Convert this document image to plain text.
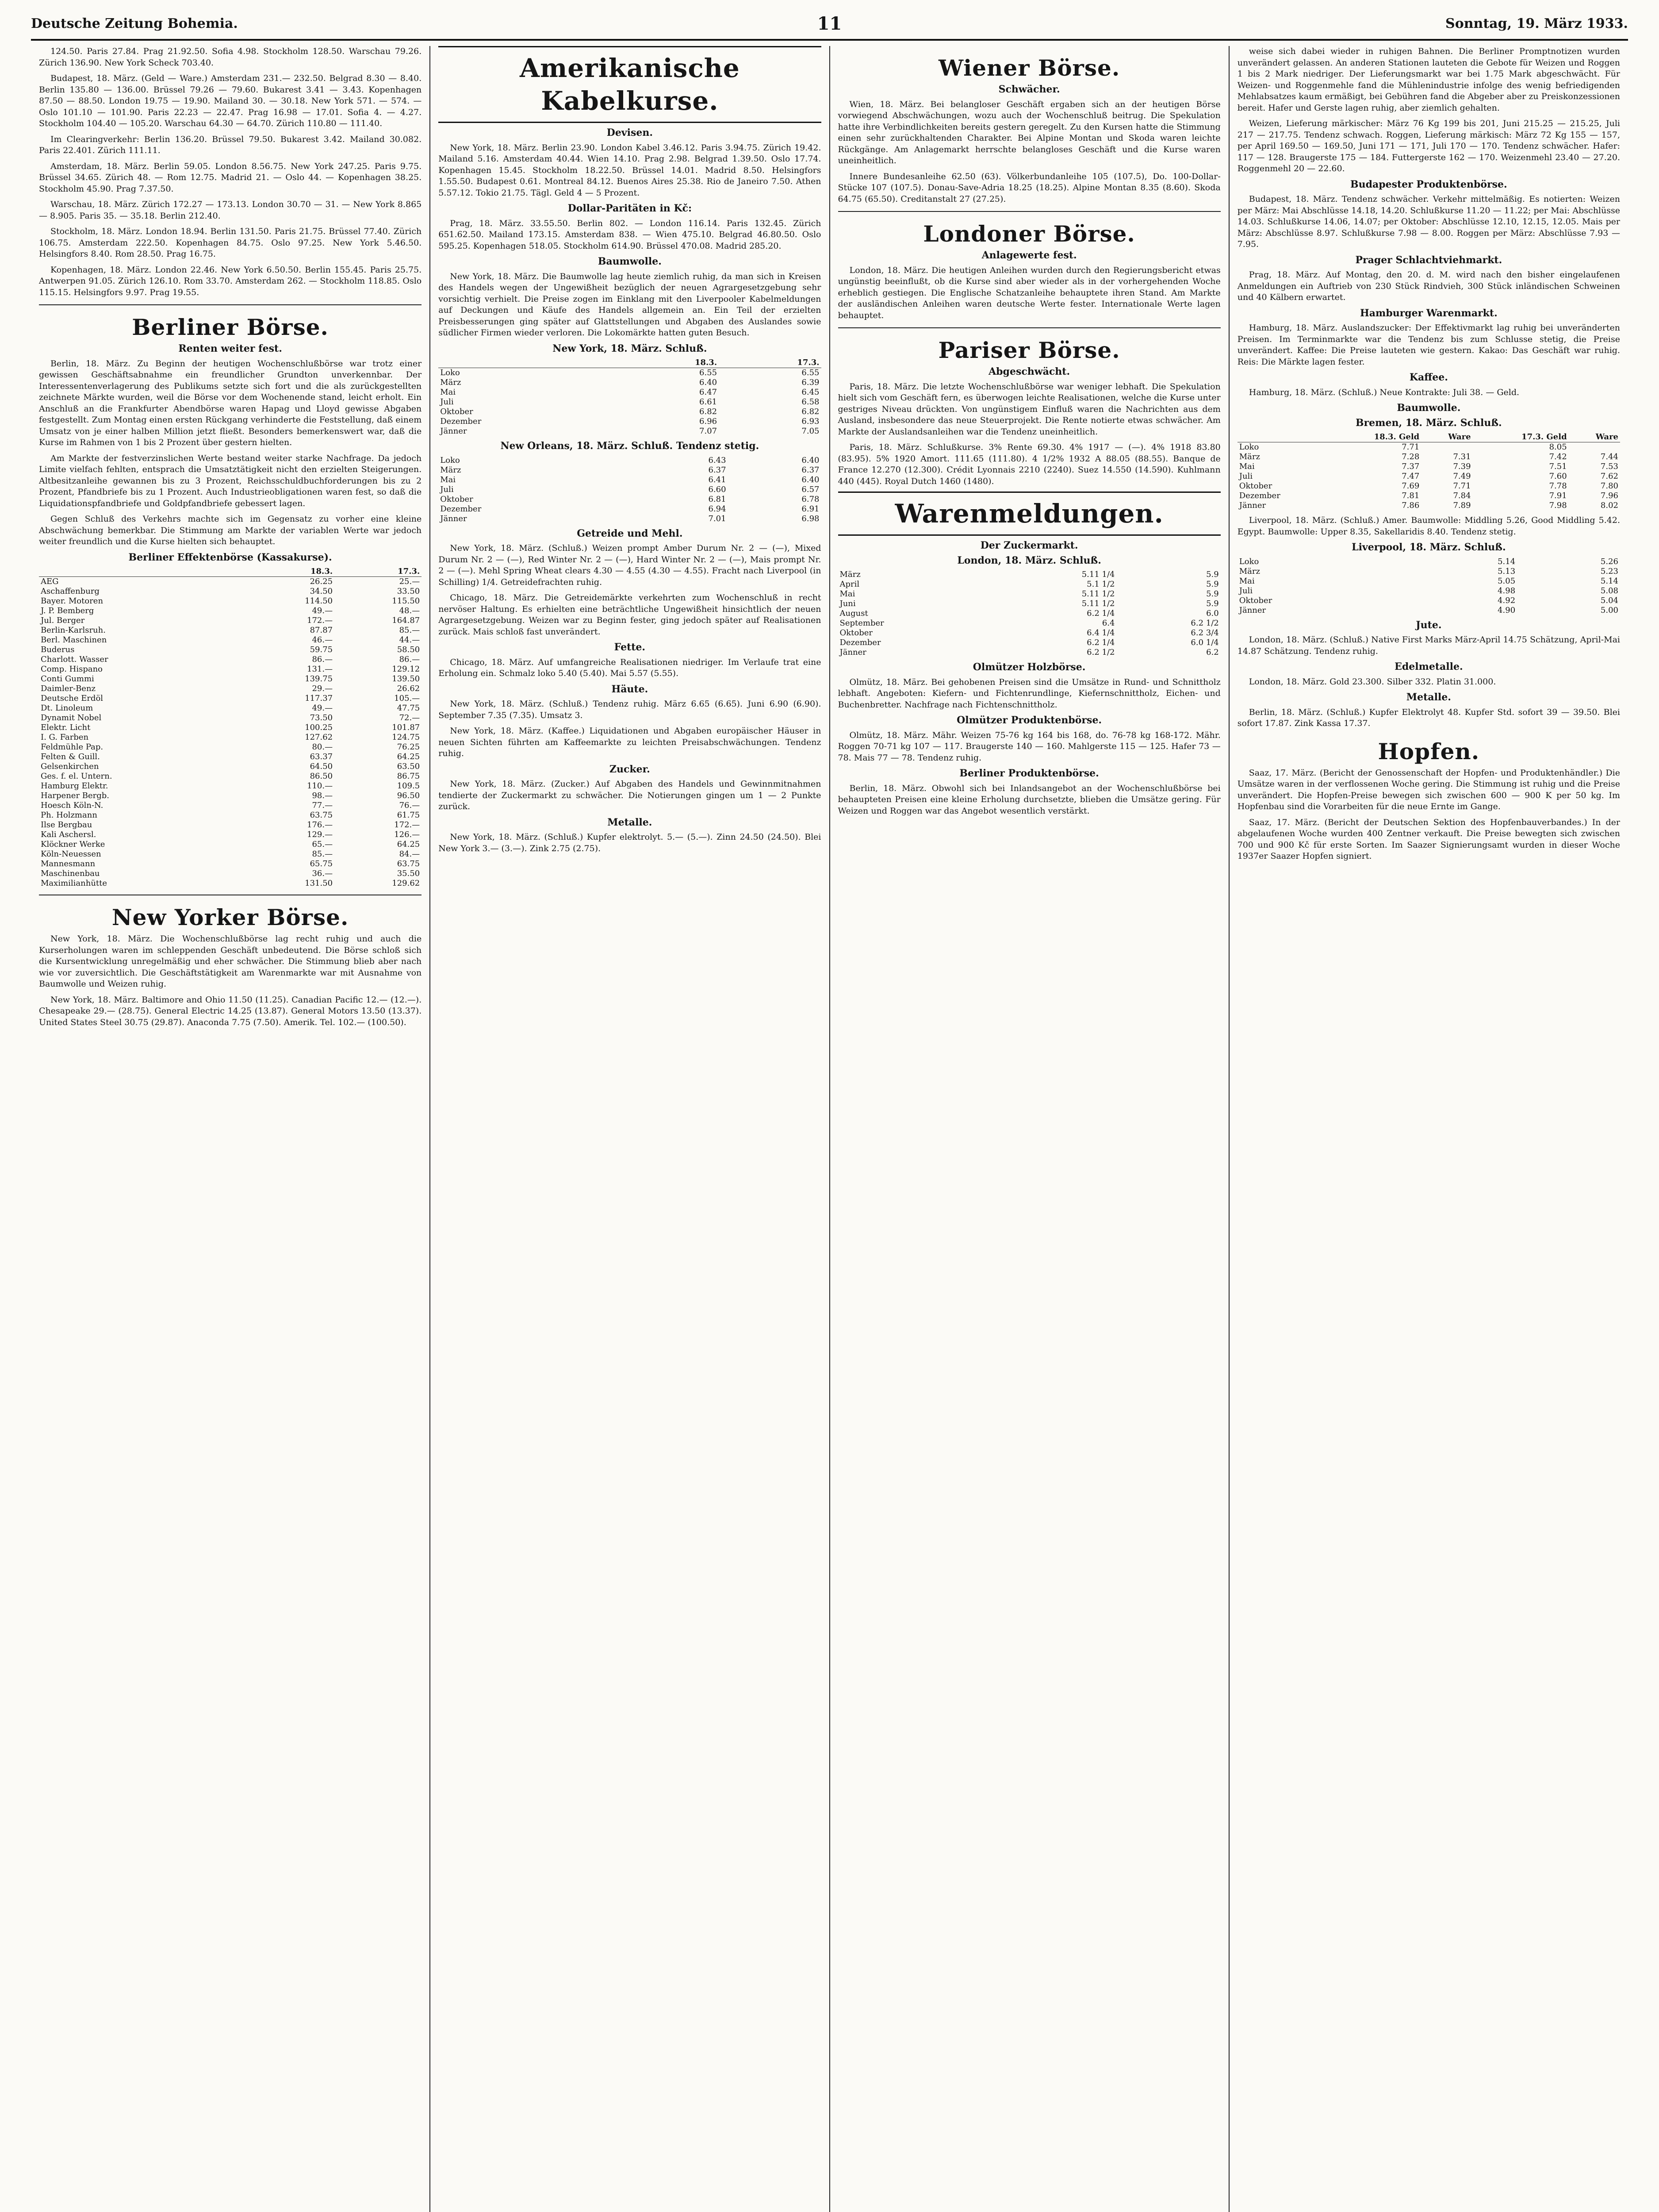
Deutsche Zeitung Bohemia.	11	Sonntag, 19. März 1933.

124.50. Paris 27.84. Prag 21.92.50. Sofia 4.98. Stockholm 128.50. Warschau 79.26. Zürich 136.90. New York Scheck 703.40.

Budapest, 18. März. (Geld — Ware.) Amsterdam 231.— 232.50. Belgrad 8.30 — 8.40. Berlin 135.80 — 136.00. Brüssel 79.26 — 79.60. Bukarest 3.41 — 3.43. Kopenhagen 87.50 — 88.50. London 19.75 — 19.90. Mailand 30. — 30.18. New York 571. — 574. — Oslo 101.10 — 101.90. Paris 22.23 — 22.47. Prag 16.98 — 17.01. Sofia 4. — 4.27. Stockholm 104.40 — 105.20. Warschau 64.30 — 64.70. Zürich 110.80 — 111.40.

Im Clearingverkehr: Berlin 136.20. Brüssel 79.50. Bukarest 3.42. Mailand 30.082. Paris 22.401. Zürich 111.11.

Amsterdam, 18. März. Berlin 59.05. London 8.56.75. New York 247.25. Paris 9.75. Brüssel 34.65. Zürich 48. — Rom 12.75. Madrid 21. — Oslo 44. — Kopenhagen 38.25. Stockholm 45.90. Prag 7.37.50.

Warschau, 18. März. Zürich 172.27 — 173.13. London 30.70 — 31. — New York 8.865 — 8.905. Paris 35. — 35.18. Berlin 212.40.

Stockholm, 18. März. London 18.94. Berlin 131.50. Paris 21.75. Brüssel 77.40. Zürich 106.75. Amsterdam 222.50. Kopenhagen 84.75. Oslo 97.25. New York 5.46.50. Helsingfors 8.40. Rom 28.50. Prag 16.75.

Kopenhagen, 18. März. London 22.46. New York 6.50.50. Berlin 155.45. Paris 25.75. Antwerpen 91.05. Zürich 126.10. Rom 33.70. Amsterdam 262. — Stockholm 118.85. Oslo 115.15. Helsingfors 9.97. Prag 19.55.

Berliner Börse.
Renten weiter fest.

Berlin, 18. März. Zu Beginn der heutigen Wochenschlußbörse war trotz einer gewissen Geschäftsabnahme ein freundlicher Grundton unverkennbar. Der Interessentenverlagerung des Publikums setzte sich fort und die als zurückgestellten zeichnete Märkte wurden, weil die Börse vor dem Wochenende stand, leicht erholt. Ein Anschluß an die Frankfurter Abendbörse waren Hapag und Lloyd gewisse Abgaben festgestellt. Zum Montag einen ersten Rückgang verhinderte die Feststellung, daß einem Umsatz von je einer halben Million jetzt fließt. Besonders bemerkenswert war, daß die Kurse im Rahmen von 1 bis 2 Prozent über gestern hielten.

Am Markte der festverzinslichen Werte bestand weiter starke Nachfrage. Da jedoch Limite vielfach fehlten, entsprach die Umsatztätigkeit nicht den erzielten Steigerungen. Altbesitzanleihe gewannen bis zu 3 Prozent, Reichsschuldbuchforderungen bis zu 2 Prozent, Pfandbriefe bis zu 1 Prozent. Auch Industrieobligationen waren fest, so daß die Liquidationspfandbriefe und Goldpfandbriefe gebessert lagen.

Gegen Schluß des Verkehrs machte sich im Gegensatz zu vorher eine kleine Abschwächung bemerkbar. Die Stimmung am Markte der variablen Werte war jedoch weiter freundlich und die Kurse hielten sich behauptet.

Berliner Effektenbörse (Kassakurse).
	18.3.	17.3.
AEG	26.25	25.—
Aschaffenburg	34.50	33.50
Bayer. Motoren	114.50	115.50
J. P. Bemberg	49.—	48.—
Jul. Berger	172.—	164.87
Berlin-Karlsruh.	87.87	85.—
Berl. Maschinen	46.—	44.—
Buderus	59.75	58.50
Charlott. Wasser	86.—	86.—
Comp. Hispano	131.—	129.12
Conti Gummi	139.75	139.50
Daimler-Benz	29.—	26.62
Deutsche Erdöl	117.37	105.—
Dt. Linoleum	49.—	47.75
Dynamit Nobel	73.50	72.—
Elektr. Licht	100.25	101.87
I. G. Farben	127.62	124.75
Feldmühle Pap.	80.—	76.25
Felten & Guill.	63.37	64.25
Gelsenkirchen	64.50	63.50
Ges. f. el. Untern.	86.50	86.75
Hamburg Elektr.	110.—	109.5
Harpener Bergb.	98.—	96.50
Hoesch Köln-N.	77.—	76.—
Ph. Holzmann	63.75	61.75
Ilse Bergbau	176.—	172.—
Kali Aschersl.	129.—	126.—
Klöckner Werke	65.—	64.25
Köln-Neuessen	85.—	84.—
Mannesmann	65.75	63.75
Maschinenbau	36.—	35.50
Maximilianhütte	131.50	129.62
New Yorker Börse.

New York, 18. März. Die Wochenschlußbörse lag recht ruhig und auch die Kurserholungen waren im schleppenden Geschäft unbedeutend. Die Börse schloß sich die Kursentwicklung unregelmäßig und eher schwächer. Die Stimmung blieb aber nach wie vor zuversichtlich. Die Geschäftstätigkeit am Warenmarkte war mit Ausnahme von Baumwolle und Weizen ruhig.

New York, 18. März. Baltimore and Ohio 11.50 (11.25). Canadian Pacific 12.— (12.—). Chesapeake 29.— (28.75). General Electric 14.25 (13.87). General Motors 13.50 (13.37). United States Steel 30.75 (29.87). Anaconda 7.75 (7.50). Amerik. Tel. 102.— (100.50).

Amerikanische Kabelkurse.
Devisen.

New York, 18. März. Berlin 23.90. London Kabel 3.46.12. Paris 3.94.75. Zürich 19.42. Mailand 5.16. Amsterdam 40.44. Wien 14.10. Prag 2.98. Belgrad 1.39.50. Oslo 17.74. Kopenhagen 15.45. Stockholm 18.22.50. Brüssel 14.01. Madrid 8.50. Helsingfors 1.55.50. Budapest 0.61. Montreal 84.12. Buenos Aires 25.38. Rio de Janeiro 7.50. Athen 5.57.12. Tokio 21.75. Tägl. Geld 4 — 5 Prozent.

Dollar-Paritäten in Kč:

Prag, 18. März. 33.55.50. Berlin 802. — London 116.14. Paris 132.45. Zürich 651.62.50. Mailand 173.15. Amsterdam 838. — Wien 475.10. Belgrad 46.80.50. Oslo 595.25. Kopenhagen 518.05. Stockholm 614.90. Brüssel 470.08. Madrid 285.20.

Baumwolle.

New York, 18. März. Die Baumwolle lag heute ziemlich ruhig, da man sich in Kreisen des Handels wegen der Ungewißheit bezüglich der neuen Agrargesetzgebung sehr vorsichtig verhielt. Die Preise zogen im Einklang mit den Liverpooler Kabelmeldungen auf Deckungen und Käufe des Handels allgemein an. Ein Teil der erzielten Preisbesserungen ging später auf Glattstellungen und Abgaben des Auslandes sowie südlicher Firmen wieder verloren. Die Lokomärkte hatten guten Besuch.

New York, 18. März. Schluß.
	18.3.	17.3.
Loko	6.55	6.55
März	6.40	6.39
Mai	6.47	6.45
Juli	6.61	6.58
Oktober	6.82	6.82
Dezember	6.96	6.93
Jänner	7.07	7.05
New Orleans, 18. März. Schluß. Tendenz stetig.
Loko	6.43	6.40
März	6.37	6.37
Mai	6.41	6.40
Juli	6.60	6.57
Oktober	6.81	6.78
Dezember	6.94	6.91
Jänner	7.01	6.98
Getreide und Mehl.

New York, 18. März. (Schluß.) Weizen prompt Amber Durum Nr. 2 — (—), Mixed Durum Nr. 2 — (—), Red Winter Nr. 2 — (—), Hard Winter Nr. 2 — (—), Mais prompt Nr. 2 — (—). Mehl Spring Wheat clears 4.30 — 4.55 (4.30 — 4.55). Fracht nach Liverpool (in Schilling) 1/4. Getreidefrachten ruhig.

Chicago, 18. März. Die Getreidemärkte verkehrten zum Wochenschluß in recht nervöser Haltung. Es erhielten eine beträchtliche Ungewißheit hinsichtlich der neuen Agrargesetzgebung. Weizen war zu Beginn fester, ging jedoch später auf Realisationen zurück. Mais schloß fast unverändert.

Fette.

Chicago, 18. März. Auf umfangreiche Realisationen niedriger. Im Verlaufe trat eine Erholung ein. Schmalz loko 5.40 (5.40). Mai 5.57 (5.55).

Häute.

New York, 18. März. (Schluß.) Tendenz ruhig. März 6.65 (6.65). Juni 6.90 (6.90). September 7.35 (7.35). Umsatz 3.

New York, 18. März. (Kaffee.) Liquidationen und Abgaben europäischer Häuser in neuen Sichten führten am Kaffeemarkte zu leichten Preisabschwächungen. Tendenz ruhig.

Zucker.

New York, 18. März. (Zucker.) Auf Abgaben des Handels und Gewinnmitnahmen tendierte der Zuckermarkt zu schwächer. Die Notierungen gingen um 1 — 2 Punkte zurück.

Metalle.

New York, 18. März. (Schluß.) Kupfer elektrolyt. 5.— (5.—). Zinn 24.50 (24.50). Blei New York 3.— (3.—). Zink 2.75 (2.75).

Wiener Börse.
Schwächer.

Wien, 18. März. Bei belangloser Geschäft ergaben sich an der heutigen Börse vorwiegend Abschwächungen, wozu auch der Wochenschluß beitrug. Die Spekulation hatte ihre Verbindlichkeiten bereits gestern geregelt. Zu den Kursen hatte die Stimmung einen sehr zurückhaltenden Charakter. Bei Alpine Montan und Skoda waren leichte Rückgänge. Am Anlagemarkt herrschte belangloses Geschäft und die Kurse waren uneinheitlich.

Innere Bundesanleihe 62.50 (63). Völkerbundanleihe 105 (107.5), Do. 100-Dollar-Stücke 107 (107.5). Donau-Save-Adria 18.25 (18.25). Alpine Montan 8.35 (8.60). Skoda 64.75 (65.50). Creditanstalt 27 (27.25).

Londoner Börse.
Anlagewerte fest.

London, 18. März. Die heutigen Anleihen wurden durch den Regierungsbericht etwas ungünstig beeinflußt, ob die Kurse sind aber wieder als in der vorhergehenden Woche erheblich gestiegen. Die Englische Schatzanleihe behauptete ihren Stand. Am Markte der ausländischen Anleihen waren deutsche Werte fester. Internationale Werte lagen behauptet.

Pariser Börse.
Abgeschwächt.

Paris, 18. März. Die letzte Wochenschlußbörse war weniger lebhaft. Die Spekulation hielt sich vom Geschäft fern, es überwogen leichte Realisationen, welche die Kurse unter gestriges Niveau drückten. Von ungünstigem Einfluß waren die Nachrichten aus dem Ausland, insbesondere das neue Steuerprojekt. Die Rente notierte etwas schwächer. Am Markte der Auslandsanleihen war die Tendenz uneinheitlich.

Paris, 18. März. Schlußkurse. 3% Rente 69.30. 4% 1917 — (—). 4% 1918 83.80 (83.95). 5% 1920 Amort. 111.65 (111.80). 4 1/2% 1932 A 88.05 (88.55). Banque de France 12.270 (12.300). Crédit Lyonnais 2210 (2240). Suez 14.550 (14.590). Kuhlmann 440 (445). Royal Dutch 1460 (1480).

Warenmeldungen.
Der Zuckermarkt.
London, 18. März. Schluß.
März	5.11 1/4	5.9
April	5.1 1/2	5.9
Mai	5.11 1/2	5.9
Juni	5.11 1/2	5.9
August	6.2 1/4	6.0
September	6.4	6.2 1/2
Oktober	6.4 1/4	6.2 3/4
Dezember	6.2 1/4	6.0 1/4
Jänner	6.2 1/2	6.2
Olmützer Holzbörse.

Olmütz, 18. März. Bei gehobenen Preisen sind die Umsätze in Rund- und Schnittholz lebhaft. Angeboten: Kiefern- und Fichtenrundlinge, Kiefernschnittholz, Eichen- und Buchenbretter. Nachfrage nach Fichtenschnittholz.

Olmützer Produktenbörse.

Olmütz, 18. März. Mähr. Weizen 75-76 kg 164 bis 168, do. 76-78 kg 168-172. Mähr. Roggen 70-71 kg 107 — 117. Braugerste 140 — 160. Mahlgerste 115 — 125. Hafer 73 — 78. Mais 77 — 78. Tendenz ruhig.

Berliner Produktenbörse.

Berlin, 18. März. Obwohl sich bei Inlandsangebot an der Wochenschlußbörse bei behaupteten Preisen eine kleine Erholung durchsetzte, blieben die Umsätze gering. Für Weizen und Roggen war das Angebot wesentlich verstärkt.

weise sich dabei wieder in ruhigen Bahnen. Die Berliner Promptnotizen wurden unverändert gelassen. An anderen Stationen lauteten die Gebote für Weizen und Roggen 1 bis 2 Mark niedriger. Der Lieferungsmarkt war bei 1.75 Mark abgeschwächt. Für Weizen- und Roggenmehle fand die Mühlenindustrie infolge des wenig befriedigenden Mehlabsatzes kaum ermäßigt, bei Gebühren fand die Abgeber aber zu Preiskonzessionen bereit. Hafer und Gerste lagen ruhig, aber ziemlich gehalten.

Weizen, Lieferung märkischer: März 76 Kg 199 bis 201, Juni 215.25 — 215.25, Juli 217 — 217.75. Tendenz schwach. Roggen, Lieferung märkisch: März 72 Kg 155 — 157, per April 169.50 — 169.50, Juni 171 — 171, Juli 170 — 170. Tendenz schwächer. Hafer: 117 — 128. Braugerste 175 — 184. Futtergerste 162 — 170. Weizenmehl 23.40 — 27.20. Roggenmehl 20 — 22.60.

Budapester Produktenbörse.

Budapest, 18. März. Tendenz schwächer. Verkehr mittelmäßig. Es notierten: Weizen per März: Mai Abschlüsse 14.18, 14.20. Schlußkurse 11.20 — 11.22; per Mai: Abschlüsse 14.03. Schlußkurse 14.06, 14.07; per Oktober: Abschlüsse 12.10, 12.15, 12.05. Mais per März: Abschlüsse 8.97. Schlußkurse 7.98 — 8.00. Roggen per März: Abschlüsse 7.93 — 7.95.

Prager Schlachtviehmarkt.

Prag, 18. März. Auf Montag, den 20. d. M. wird nach den bisher eingelaufenen Anmeldungen ein Auftrieb von 230 Stück Rindvieh, 300 Stück inländischen Schweinen und 40 Kälbern erwartet.

Hamburger Warenmarkt.

Hamburg, 18. März. Auslandszucker: Der Effektivmarkt lag ruhig bei unveränderten Preisen. Im Terminmarkte war die Tendenz bis zum Schlusse stetig, die Preise unverändert. Kaffee: Die Preise lauteten wie gestern. Kakao: Das Geschäft war ruhig. Reis: Die Märkte lagen fester.

Kaffee.

Hamburg, 18. März. (Schluß.) Neue Kontrakte: Juli 38. — Geld.

Baumwolle.
Bremen, 18. März. Schluß.
	18.3. Geld	Ware	17.3. Geld	Ware
Loko	7.71		8.05	
März	7.28	7.31	7.42	7.44
Mai	7.37	7.39	7.51	7.53
Juli	7.47	7.49	7.60	7.62
Oktober	7.69	7.71	7.78	7.80
Dezember	7.81	7.84	7.91	7.96
Jänner	7.86	7.89	7.98	8.02

Liverpool, 18. März. (Schluß.) Amer. Baumwolle: Middling 5.26, Good Middling 5.42. Egypt. Baumwolle: Upper 8.35, Sakellaridis 8.40. Tendenz stetig.

Liverpool, 18. März. Schluß.
Loko	5.14	5.26
März	5.13	5.23
Mai	5.05	5.14
Juli	4.98	5.08
Oktober	4.92	5.04
Jänner	4.90	5.00
Jute.

London, 18. März. (Schluß.) Native First Marks März-April 14.75 Schätzung, April-Mai 14.87 Schätzung. Tendenz ruhig.

Edelmetalle.

London, 18. März. Gold 23.300. Silber 332. Platin 31.000.

Metalle.

Berlin, 18. März. (Schluß.) Kupfer Elektrolyt 48. Kupfer Std. sofort 39 — 39.50. Blei sofort 17.87. Zink Kassa 17.37.

Hopfen.

Saaz, 17. März. (Bericht der Genossenschaft der Hopfen- und Produktenhändler.) Die Umsätze waren in der verflossenen Woche gering. Die Stimmung ist ruhig und die Preise unverändert. Die Hopfen-Preise bewegen sich zwischen 600 — 900 K per 50 kg. Im Hopfenbau sind die Vorarbeiten für die neue Ernte im Gange.

Saaz, 17. März. (Bericht der Deutschen Sektion des Hopfenbauverbandes.) In der abgelaufenen Woche wurden 400 Zentner verkauft. Die Preise bewegten sich zwischen 700 und 900 Kč für erste Sorten. Im Saazer Signierungsamt wurden in dieser Woche 1937er Saazer Hopfen signiert.
